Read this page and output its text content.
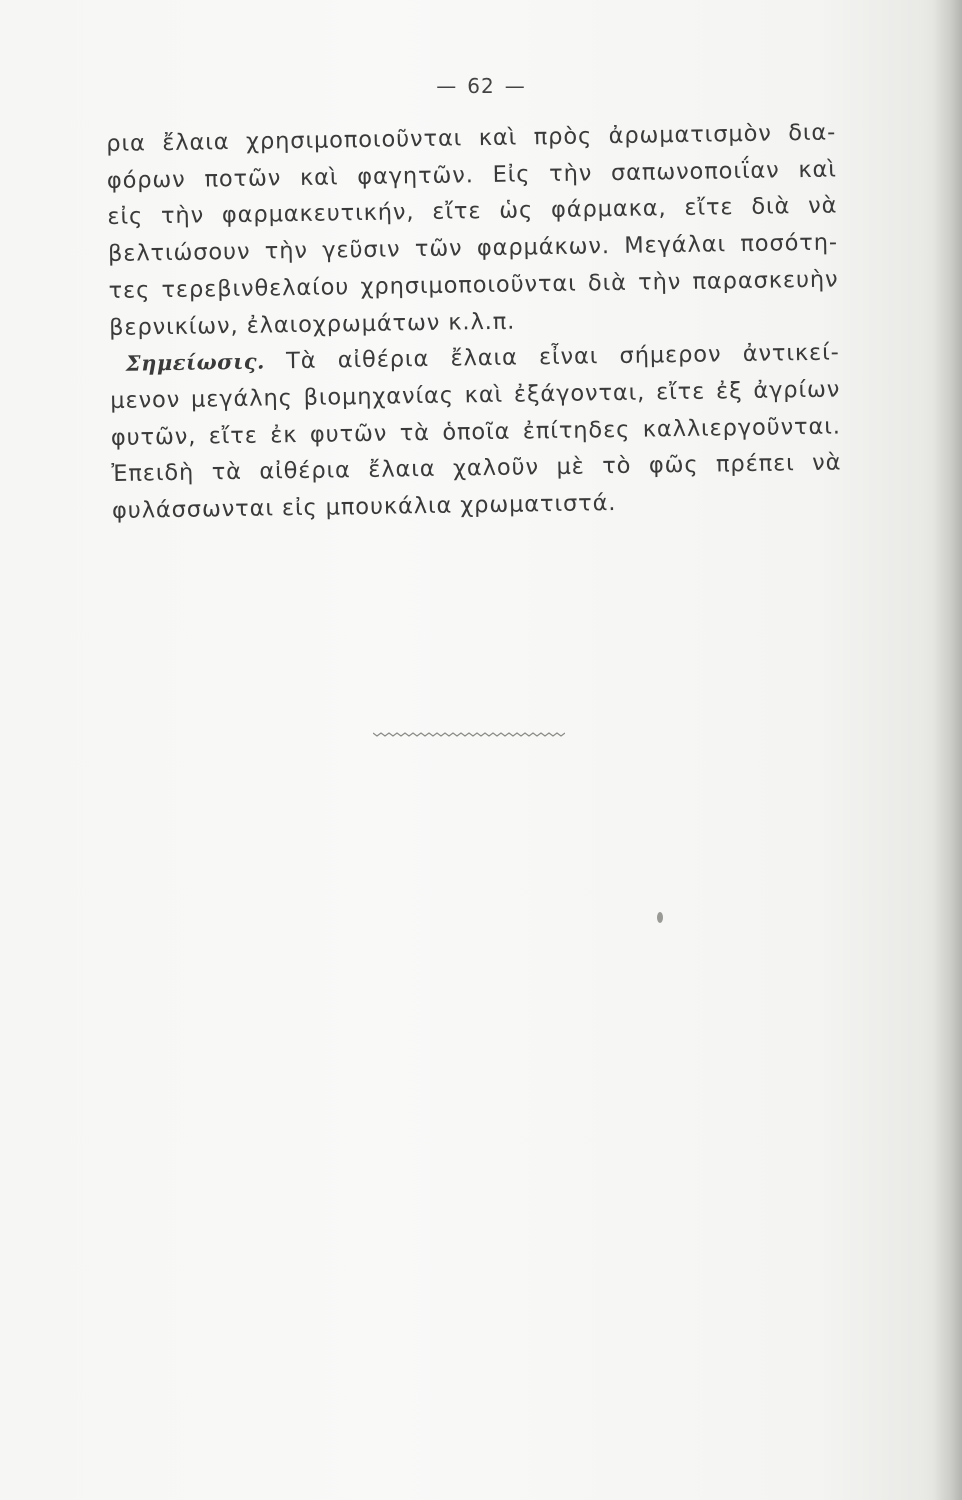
— 62 —
ρια ἔλαια χρησιμοποιοῦνται καὶ πρὸς ἀρωματισμὸν δια-
φόρων ποτῶν καὶ φαγητῶν. Εἰς τὴν σαπωνοποιΐαν καὶ
εἰς τὴν φαρμακευτικήν, εἴτε ὡς φάρμακα, εἴτε διὰ νὰ
βελτιώσουν τὴν γεῦσιν τῶν φαρμάκων. Μεγάλαι ποσότη-
τες τερεβινθελαίου χρησιμοποιοῦνται διὰ τὴν παρασκευὴν
βερνικίων, ἐλαιοχρωμάτων κ.λ.π.
Σημείωσις. Τὰ αἰθέρια ἔλαια εἶναι σήμερον ἀντικεί-
μενον μεγάλης βιομηχανίας καὶ ἐξάγονται, εἴτε ἐξ ἀγρίων
φυτῶν, εἴτε ἐκ φυτῶν τὰ ὁποῖα ἐπίτηδες καλλιεργοῦνται.
Ἐπειδὴ τὰ αἰθέρια ἔλαια χαλοῦν μὲ τὸ φῶς πρέπει νὰ
φυλάσσωνται εἰς μπουκάλια χρωματιστά.
